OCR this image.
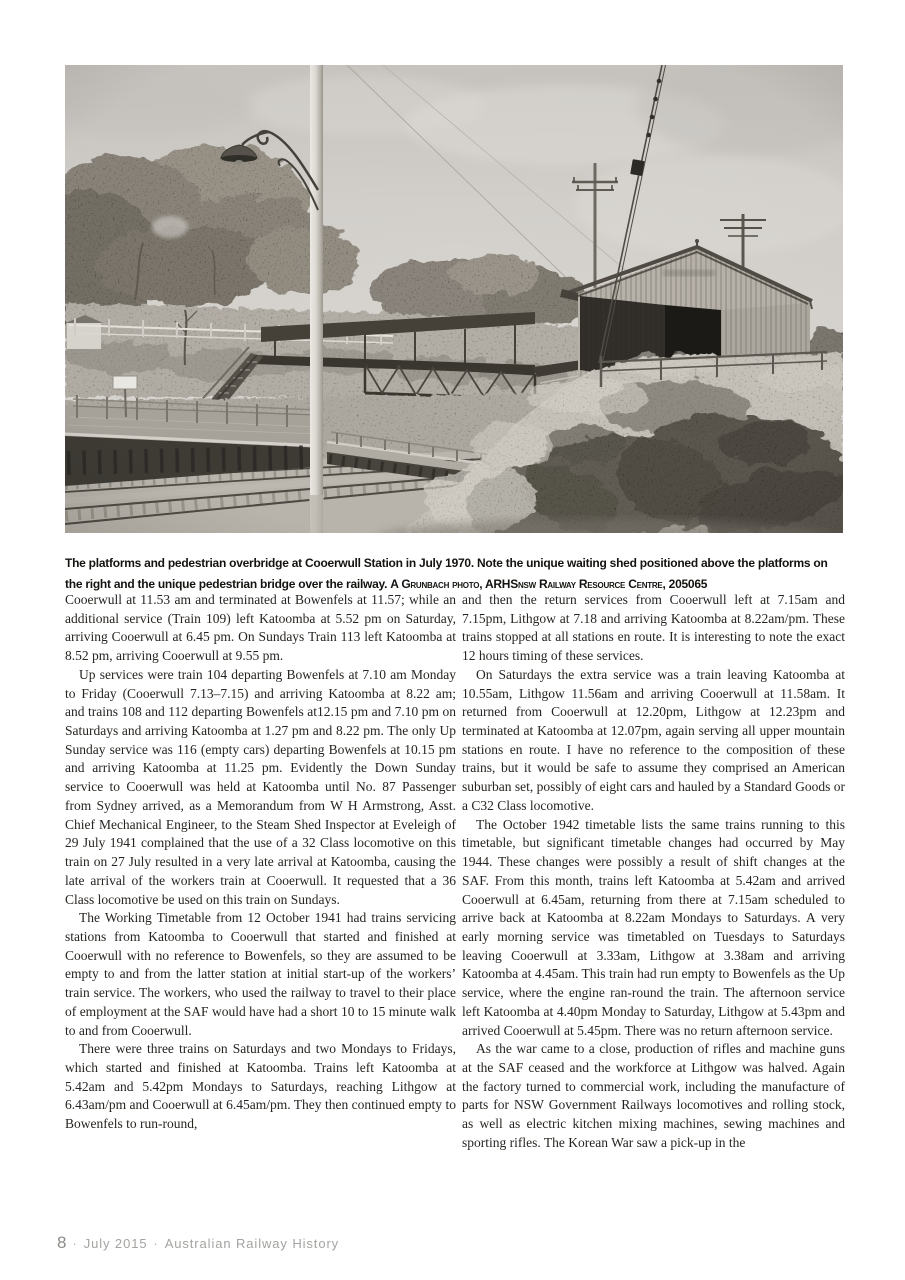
The platforms and pedestrian overbridge at Cooerwull Station in July 1970. Note the unique waiting shed positioned above the platforms on the right and the unique pedestrian bridge over the railway. A Grunbach photo, ARHSnsw Railway Resource Centre, 205065

Cooerwull at 11.53 am and terminated at Bowenfels at 11.57; while an additional service (Train 109) left Katoomba at 5.52 pm on Saturday, arriving Cooerwull at 6.45 pm. On Sundays Train 113 left Katoomba at 8.52 pm, arriving Cooerwull at 9.55 pm.

Up services were train 104 departing Bowenfels at 7.10 am Monday to Friday (Cooerwull 7.13–7.15) and arriving Katoomba at 8.22 am; and trains 108 and 112 departing Bowenfels at12.15 pm and 7.10 pm on Saturdays and arriving Katoomba at 1.27 pm and 8.22 pm. The only Up Sunday service was 116 (empty cars) departing Bowenfels at 10.15 pm and arriving Katoomba at 11.25 pm. Evidently the Down Sunday service to Cooerwull was held at Katoomba until No. 87 Passenger from Sydney arrived, as a Memorandum from W H Armstrong, Asst. Chief Mechanical Engineer, to the Steam Shed Inspector at Eveleigh of 29 July 1941 complained that the use of a 32 Class locomotive on this train on 27 July resulted in a very late arrival at Katoomba, causing the late arrival of the workers train at Cooerwull. It requested that a 36 Class locomotive be used on this train on Sundays.

The Working Timetable from 12 October 1941 had trains servicing stations from Katoomba to Cooerwull that started and finished at Cooerwull with no reference to Bowenfels, so they are assumed to be empty to and from the latter station at initial start-up of the workers’ train service. The workers, who used the railway to travel to their place of employment at the SAF would have had a short 10 to 15 minute walk to and from Cooerwull.

There were three trains on Saturdays and two Mondays to Fridays, which started and finished at Katoomba. Trains left Katoomba at 5.42am and 5.42pm Mondays to Saturdays, reaching Lithgow at 6.43am/pm and Cooerwull at 6.45am/pm. They then continued empty to Bowenfels to run-round,

and then the return services from Cooerwull left at 7.15am and 7.15pm, Lithgow at 7.18 and arriving Katoomba at 8.22am/pm. These trains stopped at all stations en route. It is interesting to note the exact 12 hours timing of these services.

On Saturdays the extra service was a train leaving Katoomba at 10.55am, Lithgow 11.56am and arriving Cooerwull at 11.58am. It returned from Cooerwull at 12.20pm, Lithgow at 12.23pm and terminated at Katoomba at 12.07pm, again serving all upper mountain stations en route. I have no reference to the composition of these trains, but it would be safe to assume they comprised an American suburban set, possibly of eight cars and hauled by a Standard Goods or a C32 Class locomotive.

The October 1942 timetable lists the same trains running to this timetable, but significant timetable changes had occurred by May 1944. These changes were possibly a result of shift changes at the SAF. From this month, trains left Katoomba at 5.42am and arrived Cooerwull at 6.45am, returning from there at 7.15am scheduled to arrive back at Katoomba at 8.22am Mondays to Saturdays. A very early morning service was timetabled on Tuesdays to Saturdays leaving Cooerwull at 3.33am, Lithgow at 3.38am and arriving Katoomba at 4.45am. This train had run empty to Bowenfels as the Up service, where the engine ran-round the train. The afternoon service left Katoomba at 4.40pm Monday to Saturday, Lithgow at 5.43pm and arrived Cooerwull at 5.45pm. There was no return afternoon service.

As the war came to a close, production of rifles and machine guns at the SAF ceased and the workforce at Lithgow was halved. Again the factory turned to commercial work, including the manufacture of parts for NSW Government Railways locomotives and rolling stock, as well as electric kitchen mixing machines, sewing machines and sporting rifles. The Korean War saw a pick-up in the

8 · July 2015 · Australian Railway History
